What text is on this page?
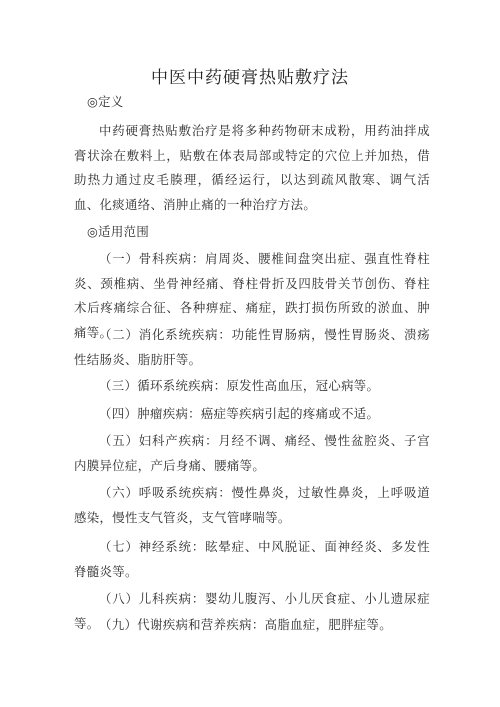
中医中药硬膏热贴敷疗法

◎定义

中药硬膏热贴敷治疗是将多种药物研末成粉，用药油拌成膏状涂在敷料上，贴敷在体表局部或特定的穴位上并加热，借助热力通过皮毛腠理，循经运行，以达到疏风散寒、调气活血、化痰通络、消肿止痛的一种治疗方法。

◎适用范围

（一）骨科疾病：肩周炎、腰椎间盘突出症、强直性脊柱炎、颈椎病、坐骨神经痛、脊柱骨折及四肢骨关节创伤、脊柱术后疼痛综合征、各种痹症、痛症，跌打损伤所致的淤血、肿痛等。

（二）消化系统疾病：功能性胃肠病，慢性胃肠炎、溃疡性结肠炎、脂肪肝等。

（三）循环系统疾病：原发性高血压，冠心病等。

（四）肿瘤疾病：癌症等疾病引起的疼痛或不适。

（五）妇科产疾病：月经不调、痛经、慢性盆腔炎、子宫内膜异位症，产后身痛、腰痛等。

（六）呼吸系统疾病：慢性鼻炎，过敏性鼻炎，上呼吸道感染，慢性支气管炎，支气管哮喘等。

（七）神经系统：眩晕症、中风脱证、面神经炎、多发性脊髓炎等。

（八）儿科疾病：婴幼儿腹泻、小儿厌食症、小儿遗尿症等。 （九）代谢疾病和营养疾病：高脂血症，肥胖症等。
